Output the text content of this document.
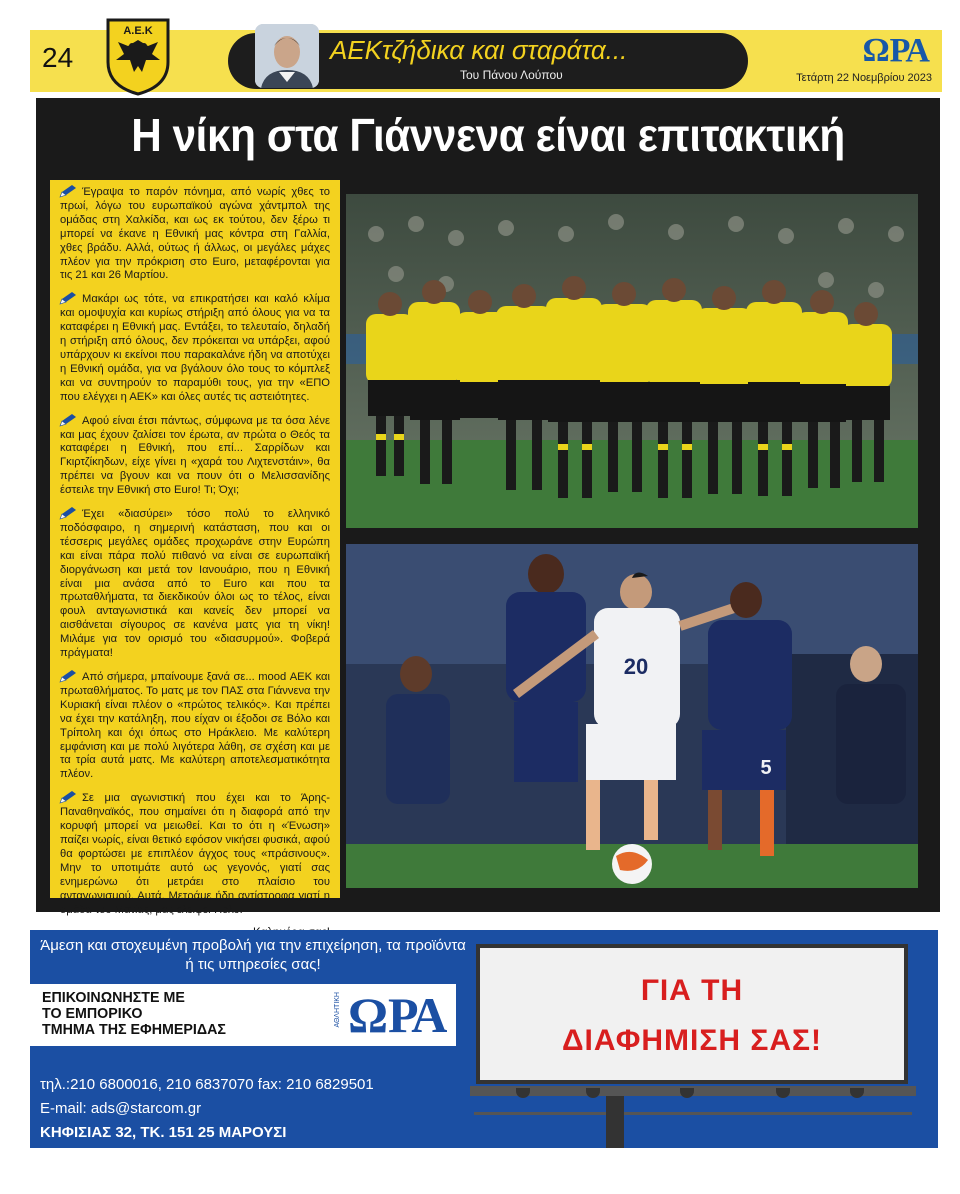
24
Α.Ε.Κ
ΑΕΚτζήδικα και σταράτα...
Του Πάνου Λούπου
ΩΡΑ
Τετάρτη 22 Νοεμβρίου 2023
Η νίκη στα Γιάννενα είναι επιτακτική

Έγραψα το παρόν πόνημα, από νωρίς χθες το πρωί, λόγω του ευρωπαϊκού αγώνα χάντμπολ της ομάδας στη Χαλκίδα, και ως εκ τούτου, δεν ξέρω τι μπορεί να έκανε η Εθνική μας κόντρα στη Γαλλία, χθες βράδυ. Αλλά, ούτως ή άλλως, οι μεγάλες μάχες πλέον για την πρόκριση στο Euro, μεταφέρονται για τις 21 και 26 Μαρτίου.

Μακάρι ως τότε, να επικρατήσει και καλό κλίμα και ομοψυχία και κυρίως στήριξη από όλους για να τα καταφέρει η Εθνική μας. Εντάξει, το τελευταίο, δηλαδή η στήριξη από όλους, δεν πρόκειται να υπάρξει, αφού υπάρχουν κι εκείνοι που παρακαλάνε ήδη να αποτύχει η Εθνική ομάδα, για να βγάλουν όλο τους το κόμπλεξ και να συντηρούν το παραμύθι τους, για την «ΕΠΟ που ελέγχει η ΑΕΚ» και όλες αυτές τις αστειότητες.

Αφού είναι έτσι πάντως, σύμφωνα με τα όσα λένε και μας έχουν ζαλίσει τον έρωτα, αν πρώτα ο Θεός τα καταφέρει η Εθνική, που επί... Σαρρίδων και Γκιρτζίκηδων, είχε γίνει η «χαρά του Λιχτενστάιν», θα πρέπει να βγουν και να πουν ότι ο Μελισσανίδης έστειλε την Εθνική στο Euro! Τι; Όχι;

Έχει «διασύρει» τόσο πολύ το ελληνικό ποδόσφαιρο, η σημερινή κατάσταση, που και οι τέσσερις μεγάλες ομάδες προχωράνε στην Ευρώπη και είναι πάρα πολύ πιθανό να είναι σε ευρωπαϊκή διοργάνωση και μετά τον Ιανουάριο, που η Εθνική είναι μια ανάσα από το Euro και που τα πρωταθλήματα, τα διεκδικούν όλοι ως το τέλος, είναι φουλ ανταγωνιστικά και κανείς δεν μπορεί να αισθάνεται σίγουρος σε κανένα ματς για τη νίκη! Μιλάμε για τον ορισμό του «διασυρμού». Φοβερά πράγματα!

Από σήμερα, μπαίνουμε ξανά σε... mood ΑΕΚ και πρωταθλήματος. Το ματς με τον ΠΑΣ στα Γιάννενα την Κυριακή είναι πλέον ο «πρώτος τελικός». Και πρέπει να έχει την κατάληξη, που είχαν οι έξοδοι σε Βόλο και Τρίπολη και όχι όπως στο Ηράκλειο. Με καλύτερη εμφάνιση και με πολύ λιγότερα λάθη, σε σχέση και με τα τρία αυτά ματς. Με καλύτερη αποτελεσματικότητα πλέον.

Σε μια αγωνιστική που έχει και το Άρης-Παναθηναϊκός, που σημαίνει ότι η διαφορά από την κορυφή μπορεί να μειωθεί. Και το ότι η «Ένωση» παίζει νωρίς, είναι θετικό εφόσον νικήσει φυσικά, αφού θα φορτώσει με επιπλέον άγχος τους «πράσινους». Μην το υποτιμάτε αυτό ως γεγονός, γιατί σας ενημερώνω ότι μετράει στο πλαίσιο του ανταγωνισμού. Αυτά. Μετράμε ήδη αντίστροφα γιατί η ομάδα του Ματίας, μας έλειψε! Πολύ!

20
5
Άμεση και στοχευμένη προβολή για την επιχείρηση, τα προϊόντα ή τις υπηρεσίες σας!
ΕΠΙΚΟΙΝΩΝΗΣΤΕ ΜΕ
ΤΟ ΕΜΠΟΡΙΚΟ
ΤΜΗΜΑ ΤΗΣ ΕΦΗΜΕΡΙΔΑΣ
ΑΘΛΗΤΙΚΗ ΩΡΑ
τηλ.:210 6800016, 210 6837070 fax: 210 6829501
E-mail: ads@starcom.gr
ΚΗΦΙΣΙΑΣ 32, ΤΚ. 151 25 ΜΑΡΟΥΣΙ
ΓΙΑ ΤΗ
ΔΙΑΦΗΜΙΣΗ ΣΑΣ!
